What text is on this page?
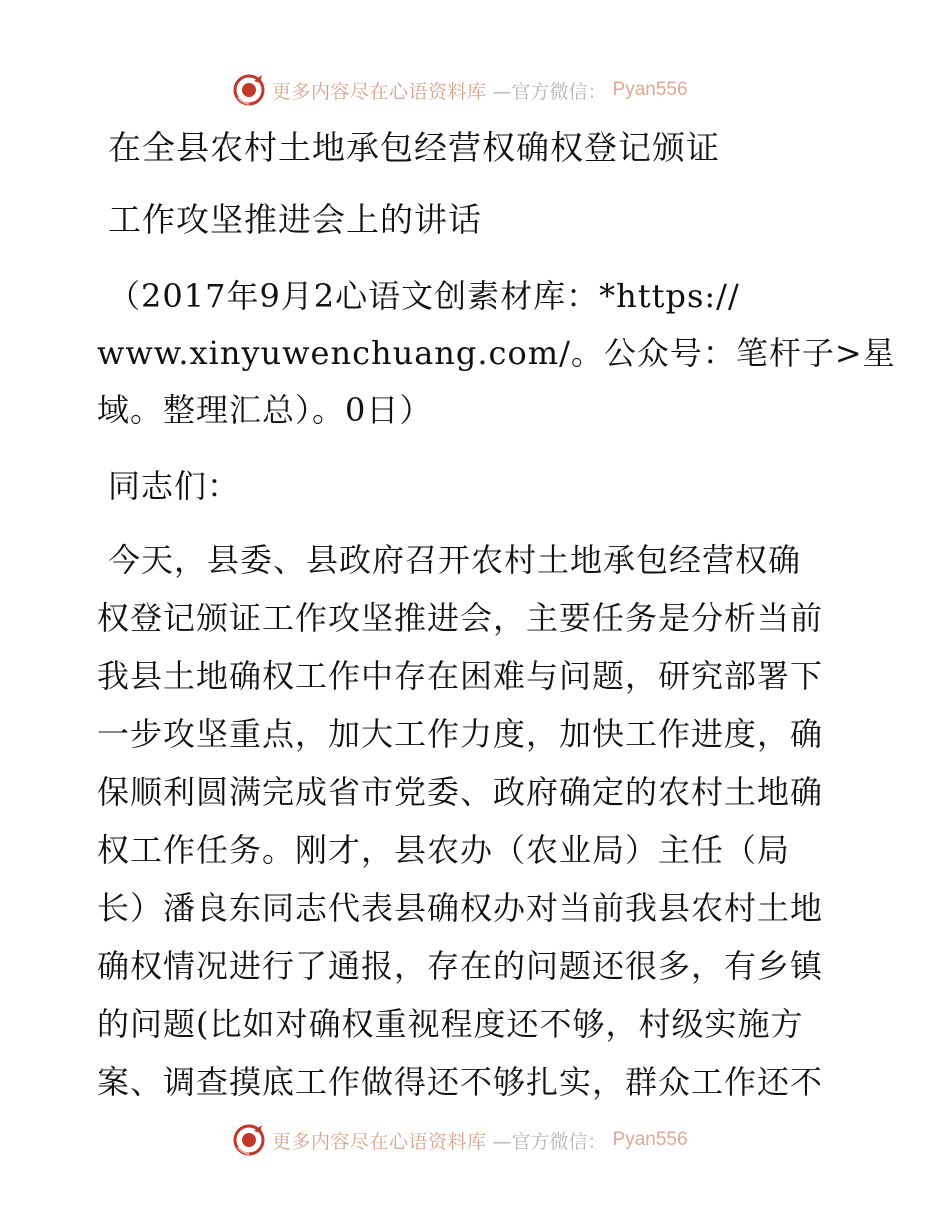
更多内容尽在心语资料库 —官方微信： Pyan556
在全县农村土地承包经营权确权登记颁证
工作攻坚推进会上的讲话
（2017年9月2心语文创素材库：*https://
www.xinyuwenchuang.com/。公众号：笔杆子>星
域。整理汇总）。0日）
同志们：
今天，县委、县政府召开农村土地承包经营权确
权登记颁证工作攻坚推进会，主要任务是分析当前
我县土地确权工作中存在困难与问题，研究部署下
一步攻坚重点，加大工作力度，加快工作进度，确
保顺利圆满完成省市党委、政府确定的农村土地确
权工作任务。刚才，县农办（农业局）主任（局
长）潘良东同志代表县确权办对当前我县农村土地
确权情况进行了通报，存在的问题还很多，有乡镇
的问题(比如对确权重视程度还不够，村级实施方
案、调查摸底工作做得还不够扎实，群众工作还不
更多内容尽在心语资料库 —官方微信： Pyan556
